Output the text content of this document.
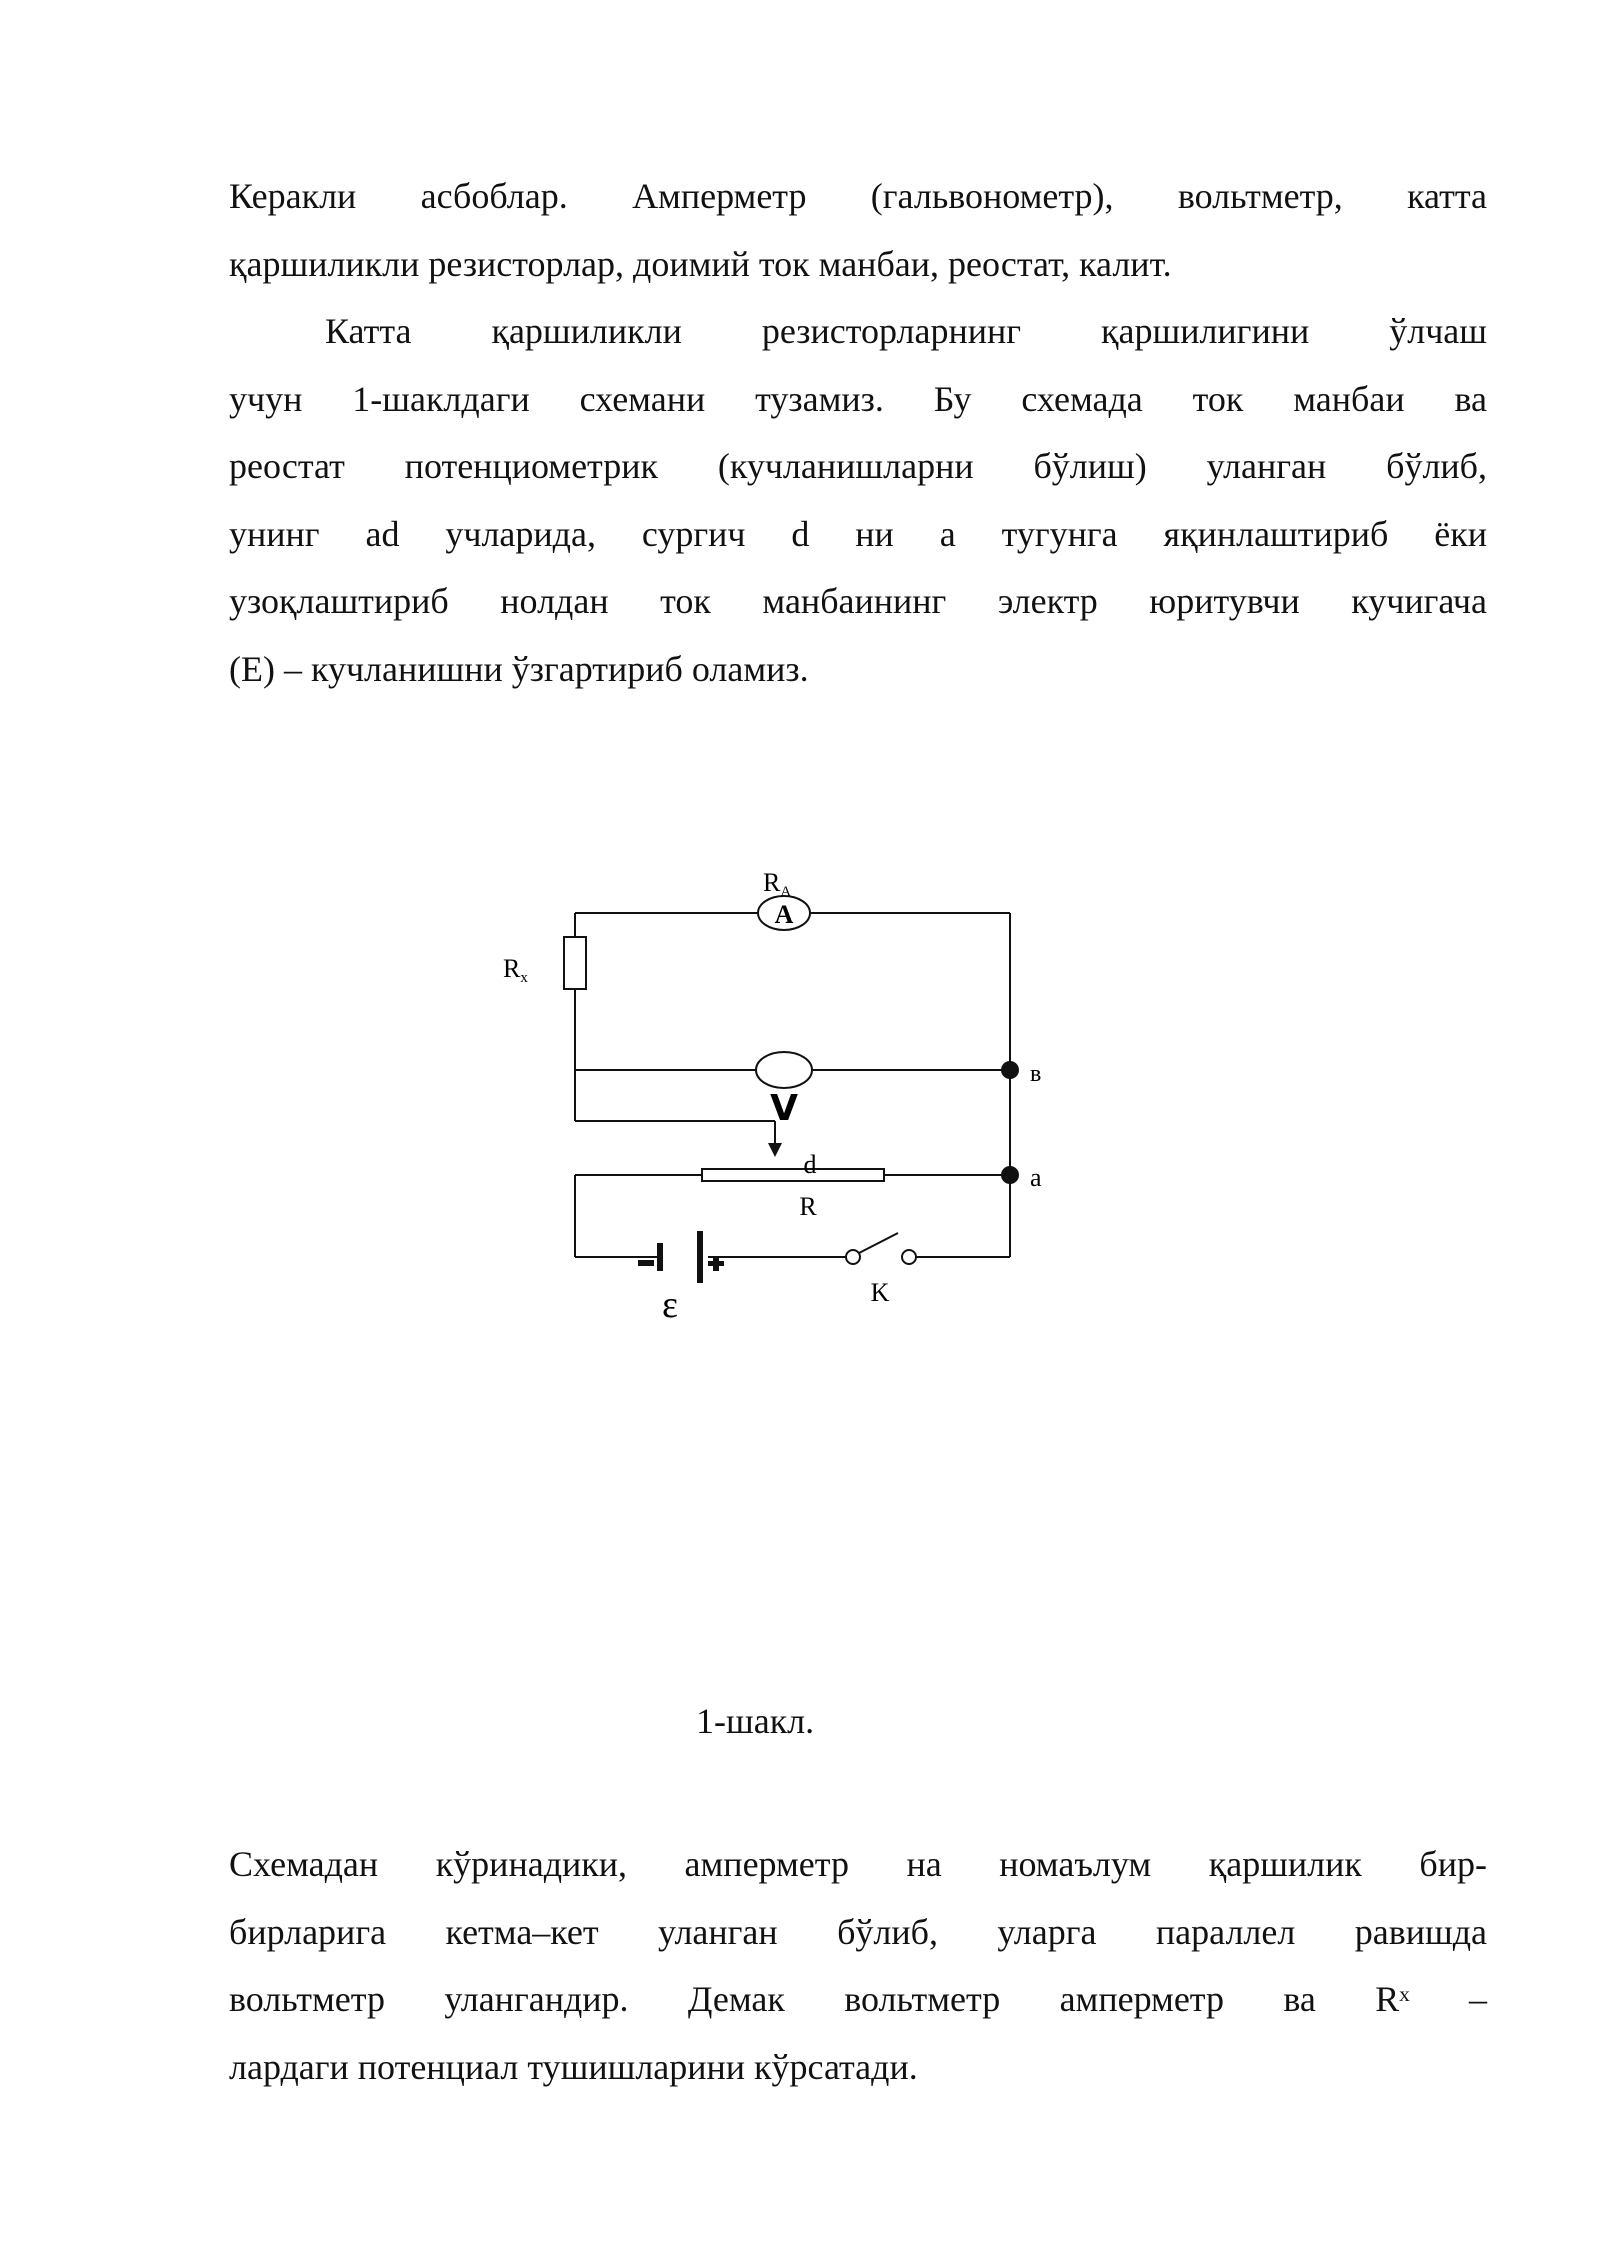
Керакли асбоблар. Амперметр (гальвонометр), вольтметр, катта
қаршиликли резисторлар, доимий ток манбаи, реостат, калит.
Катта қаршиликли резисторларнинг қаршилигини ўлчаш
учун 1-шаклдаги схемани тузамиз. Бу схемада ток манбаи ва
реостат потенциометрик (кучланишларни бўлиш) уланган бўлиб,
унинг ad учларида, сургич d ни a тугунга яқинлаштириб ёки
узоқлаштириб нолдан ток манбаининг электр юритувчи кучигача
(E) – кучланишни ўзгартириб оламиз.
A
RA
Rx
V
d
R
в
a
ε	K
1-шакл.
Схемадан кўринадики, амперметр на номаълум қаршилик бир-
бирларига кетма–кет уланган бўлиб, уларга параллел равишда
вольтметр улангандир. Демак вольтметр амперметр ва Rˣ –
лардаги потенциал тушишларини кўрсатади.
